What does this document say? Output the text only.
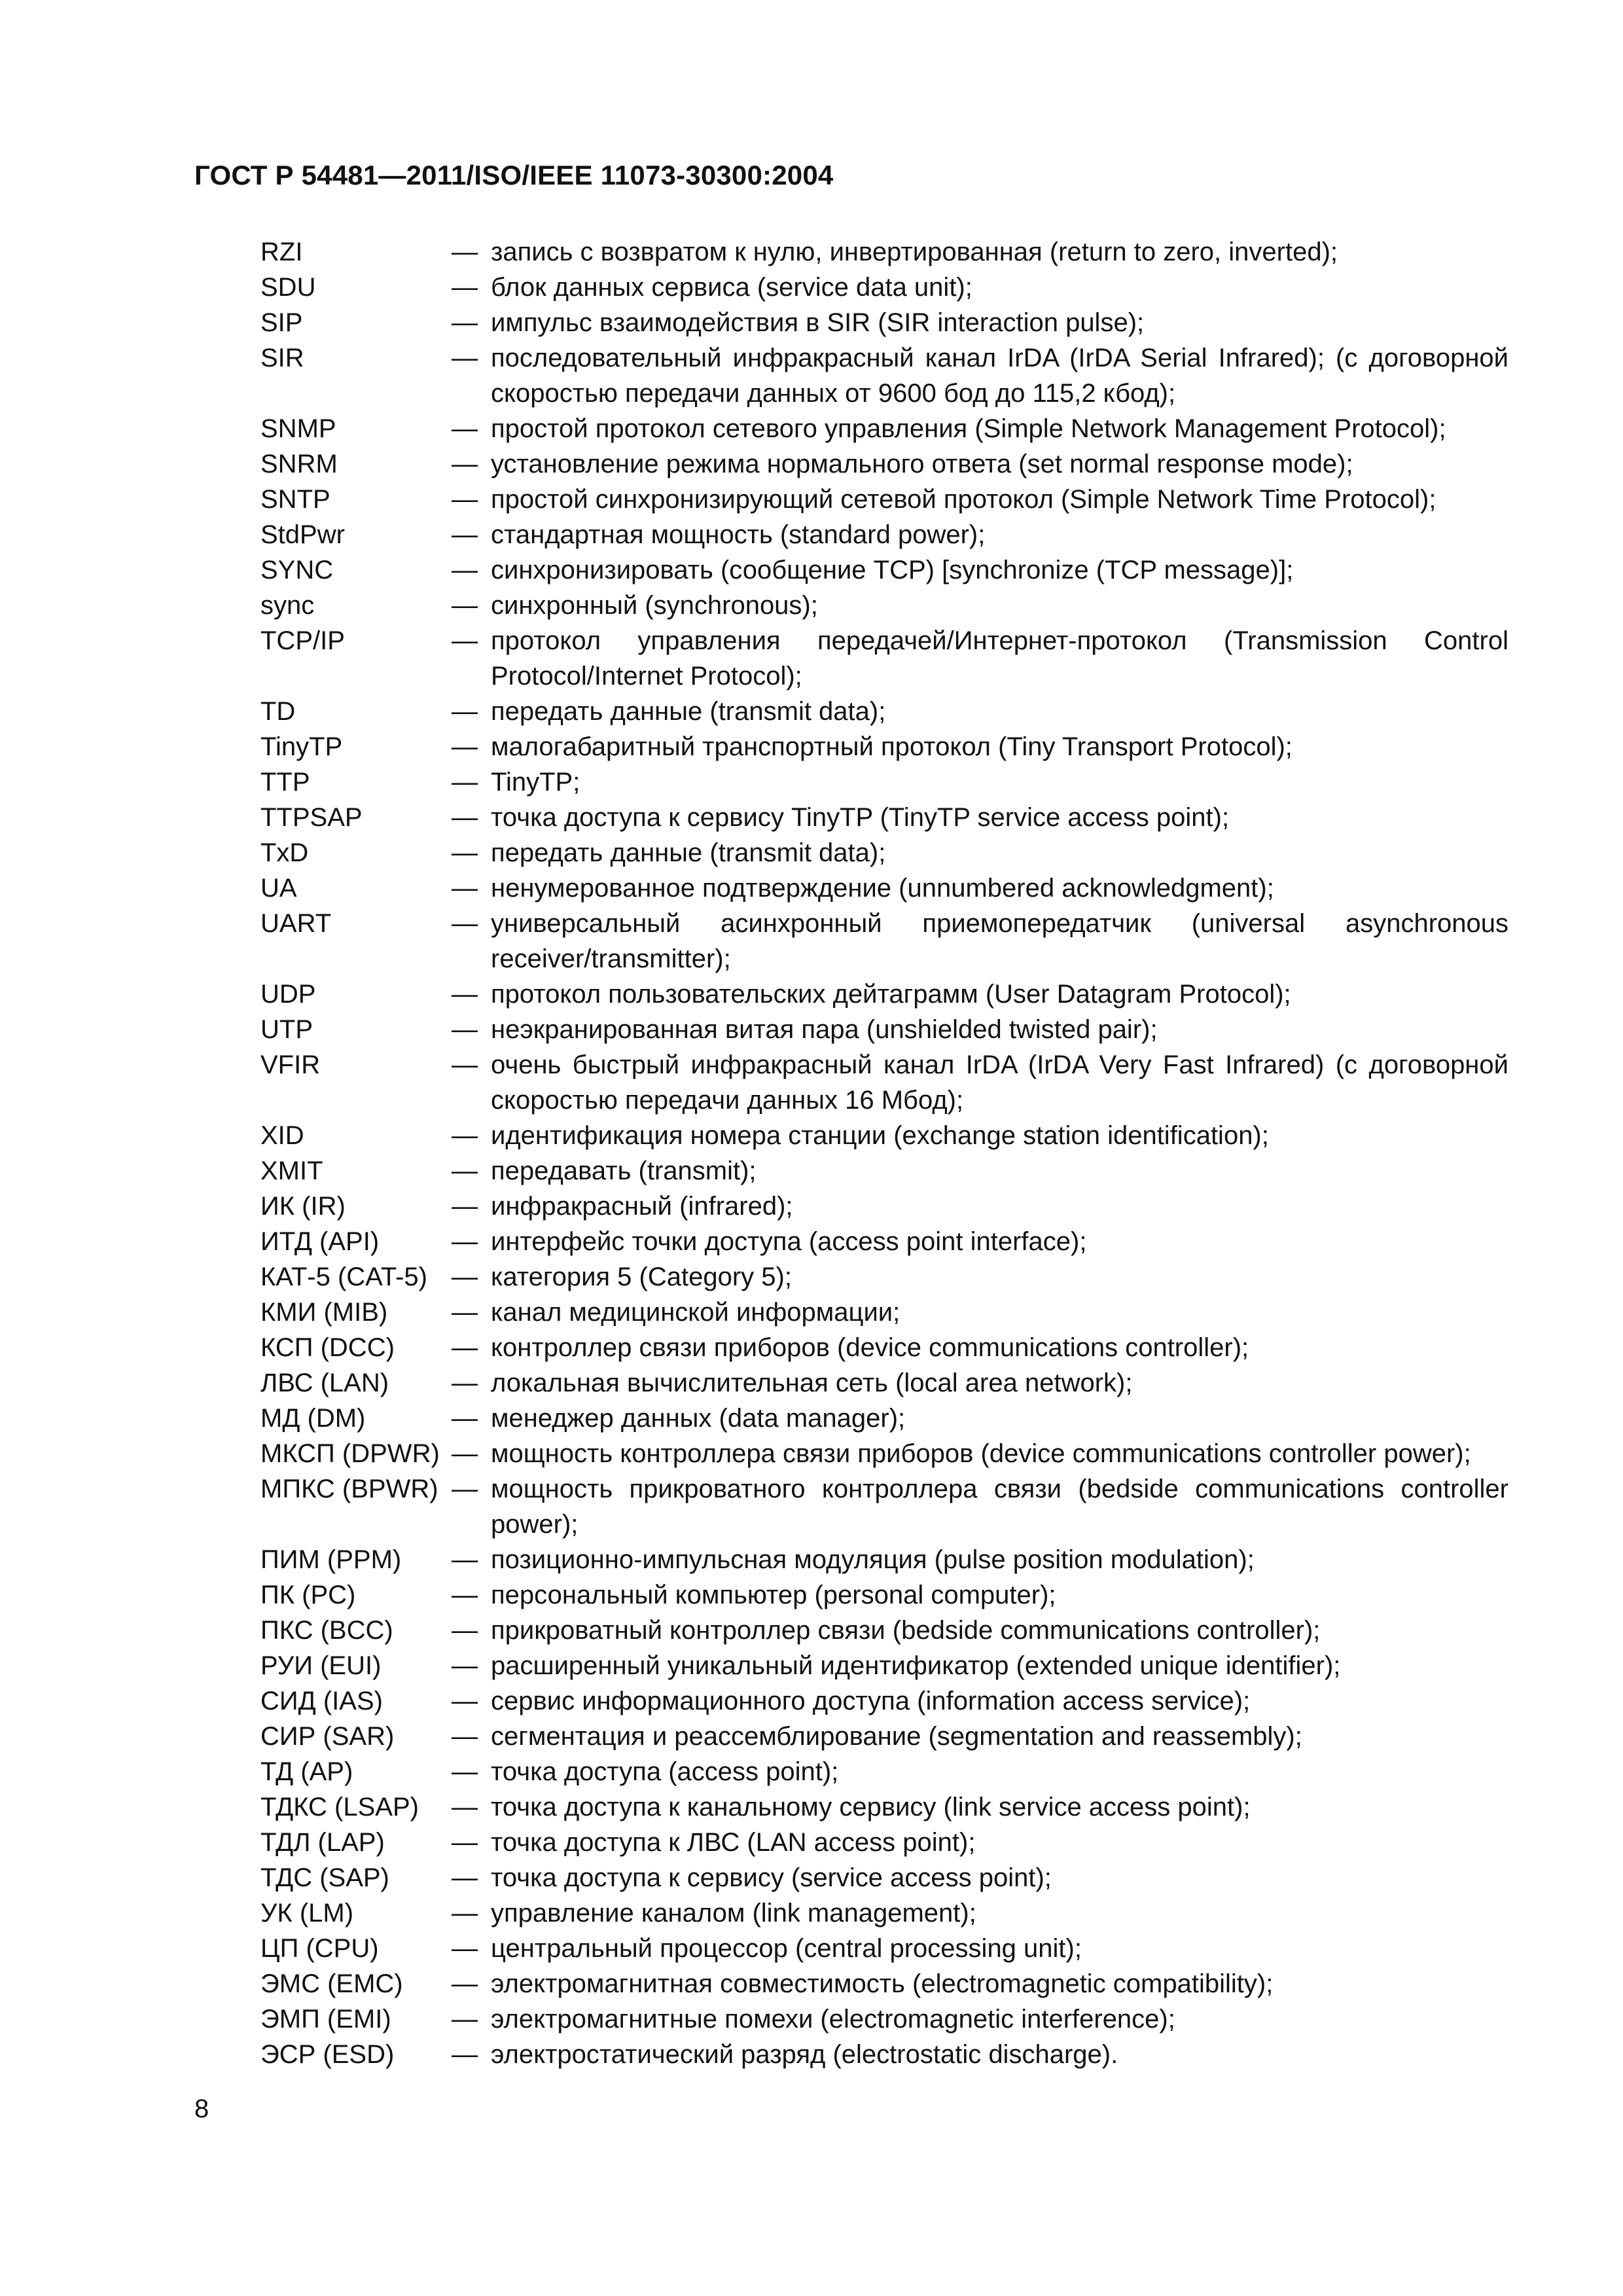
ГОСТ Р 54481—2011/ISO/IEEE 11073-30300:2004
RZI	— запись с возвратом к нулю, инвертированная (return to zero, inverted);
SDU	— блок данных сервиса (service data unit);
SIP	— импульс взаимодействия в SIR (SIR interaction pulse);
SIR	— последовательный инфракрасный канал IrDA (IrDA Serial Infrared); (с договорной скоростью передачи данных от 9600 бод до 115,2 кбод);
SNMP	— простой протокол сетевого управления (Simple Network Management Protocol);
SNRM	— установление режима нормального ответа (set normal response mode);
SNTP	— простой синхронизирующий сетевой протокол (Simple Network Time Protocol);
StdPwr	— стандартная мощность (standard power);
SYNC	— синхронизировать (сообщение TCP) [synchronize (TCP message)];
sync	— синхронный (synchronous);
TCP/IP	— протокол управления передачей/Интернет-протокол (Transmission Control Protocol/Internet Protocol);
TD	— передать данные (transmit data);
TinyTP	— малогабаритный транспортный протокол (Tiny Transport Protocol);
TTP	— TinyTP;
TTPSAP	— точка доступа к сервису TinyTP (TinyTP service access point);
TxD	— передать данные (transmit data);
UA	— ненумерованное подтверждение (unnumbered acknowledgment);
UART	— универсальный асинхронный приемопередатчик (universal asynchronous receiver/transmitter);
UDP	— протокол пользовательских дейтаграмм (User Datagram Protocol);
UTP	— неэкранированная витая пара (unshielded twisted pair);
VFIR	— очень быстрый инфракрасный канал IrDA (IrDA Very Fast Infrared) (с договорной скоростью передачи данных 16 Мбод);
XID	— идентификация номера станции (exchange station identification);
XMIT	— передавать (transmit);
ИК (IR)	— инфракрасный (infrared);
ИТД (API)	— интерфейс точки доступа (access point interface);
КАТ-5 (CAT-5) — категория 5 (Category 5);
КМИ (MIB)	— канал медицинской информации;
КСП (DCC)	— контроллер связи приборов (device communications controller);
ЛВС (LAN)	— локальная вычислительная сеть (local area network);
МД (DM)	— менеджер данных (data manager);
МКСП (DPWR) — мощность контроллера связи приборов (device communications controller power);
МПКС (BPWR) — мощность прикроватного контроллера связи (bedside communications controller power);
ПИМ (PPM)	— позиционно-импульсная модуляция (pulse position modulation);
ПК (PC)	— персональный компьютер (personal computer);
ПКС (BCC)	— прикроватный контроллер связи (bedside communications controller);
РУИ (EUI)	— расширенный уникальный идентификатор (extended unique identifier);
СИД (IAS)	— сервис информационного доступа (information access service);
СИР (SAR)	— сегментация и реассемблирование (segmentation and reassembly);
ТД (AP)	— точка доступа (access point);
ТДКС (LSAP)	— точка доступа к канальному сервису (link service access point);
ТДЛ (LAP)	— точка доступа к ЛВС (LAN access point);
ТДС (SAP)	— точка доступа к сервису (service access point);
УК (LM)	— управление каналом (link management);
ЦП (CPU)	— центральный процессор (central processing unit);
ЭМС (EMC)	— электромагнитная совместимость (electromagnetic compatibility);
ЭМП (EMI)	— электромагнитные помехи (electromagnetic interference);
ЭСР (ESD)	— электростатический разряд (electrostatic discharge).
8
